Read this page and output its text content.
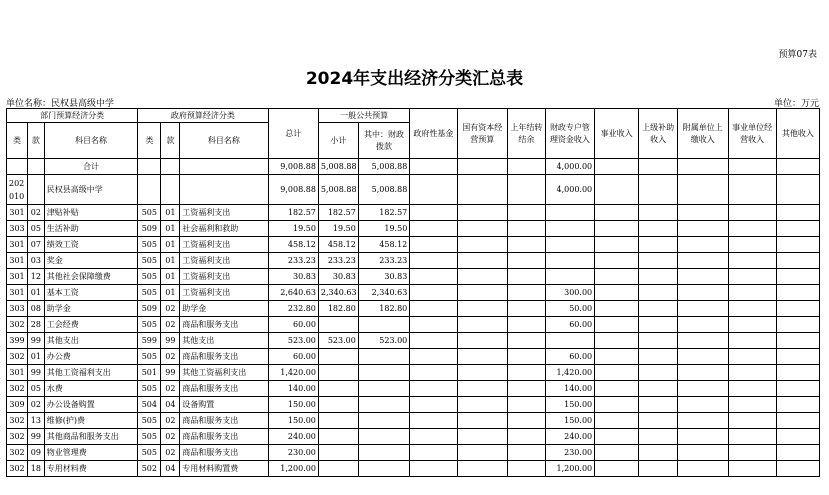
预算07表
2024年支出经济分类汇总表
单位名称：民权县高级中学	单位：万元
部门预算经济分类			政府预算经济分类			总计	一般公共预算		政府性基金	国有资本经营预算	上年结转结余	财政专户管理资金收入	事业收入	上级补助收入	附属单位上缴收入	事业单位经营收入	其他收入
类	款	科目名称	类	款	科目名称		小计	其中：财政拨款									
		合计				9,008.88	5,008.88	5,008.88				4,000.00					
202010		民权县高级中学				9,008.88	5,008.88	5,008.88				4,000.00					
301	02	津贴补贴	505	01	工资福利支出	182.57	182.57	182.57									
303	05	生活补助	509	01	社会福利和救助	19.50	19.50	19.50									
301	07	绩效工资	505	01	工资福利支出	458.12	458.12	458.12									
301	03	奖金	505	01	工资福利支出	233.23	233.23	233.23									
301	12	其他社会保障缴费	505	01	工资福利支出	30.83	30.83	30.83									
301	01	基本工资	505	01	工资福利支出	2,640.63	2,340.63	2,340.63				300.00					
303	08	助学金	509	02	助学金	232.80	182.80	182.80				50.00					
302	28	工会经费	505	02	商品和服务支出	60.00						60.00					
399	99	其他支出	599	99	其他支出	523.00	523.00	523.00									
302	01	办公费	505	02	商品和服务支出	60.00						60.00					
301	99	其他工资福利支出	501	99	其他工资福利支出	1,420.00						1,420.00					
302	05	水费	505	02	商品和服务支出	140.00						140.00					
309	02	办公设备购置	504	04	设备购置	150.00						150.00					
302	13	维修(护)费	505	02	商品和服务支出	150.00						150.00					
302	99	其他商品和服务支出	505	02	商品和服务支出	240.00						240.00					
302	09	物业管理费	505	02	商品和服务支出	230.00						230.00					
302	18	专用材料费	502	04	专用材料购置费	1,200.00						1,200.00					
